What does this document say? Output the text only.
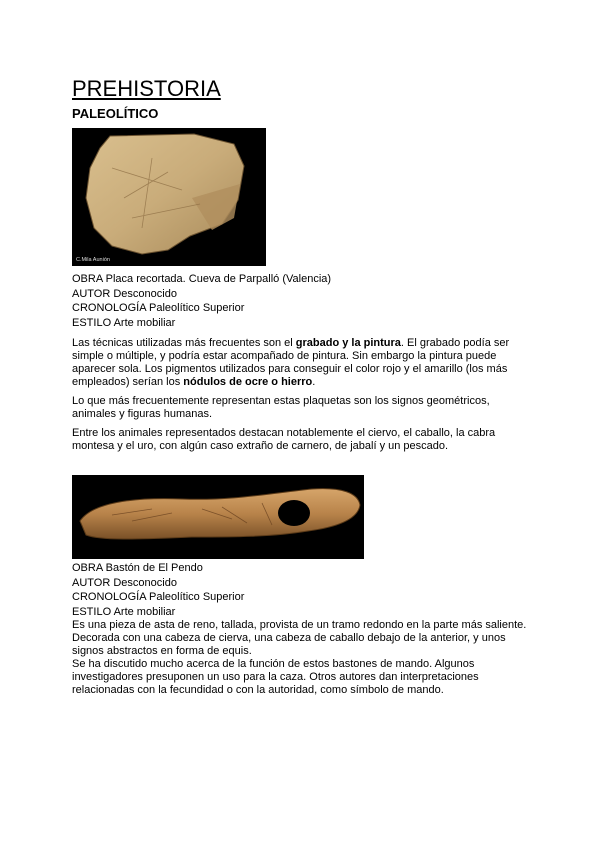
PREHISTORIA
PALEOLÍTICO
C.Mila Aunión
OBRA Placa recortada. Cueva de Parpalló (Valencia)
AUTOR Desconocido
CRONOLOGÍA Paleolítico Superior
ESTILO Arte mobiliar

Las técnicas utilizadas más frecuentes son el grabado y la pintura. El grabado podía ser simple o múltiple, y podría estar acompañado de pintura. Sin embargo la pintura puede aparecer sola. Los pigmentos utilizados para conseguir el color rojo y el amarillo (los más empleados) serían los nódulos de ocre o hierro.

Lo que más frecuentemente representan estas plaquetas son los signos geométricos, animales y figuras humanas.

Entre los animales representados destacan notablemente el ciervo, el caballo, la cabra montesa y el uro, con algún caso extraño de carnero, de jabalí y un pescado.

OBRA Bastón de El Pendo
AUTOR Desconocido
CRONOLOGÍA Paleolítico Superior
ESTILO Arte mobiliar

Es una pieza de asta de reno, tallada, provista de un tramo redondo en la parte más saliente. Decorada con una cabeza de cierva, una cabeza de caballo debajo de la anterior, y unos signos abstractos en forma de equis.

Se ha discutido mucho acerca de la función de estos bastones de mando. Algunos investigadores presuponen un uso para la caza. Otros autores dan interpretaciones relacionadas con la fecundidad o con la autoridad, como símbolo de mando.
